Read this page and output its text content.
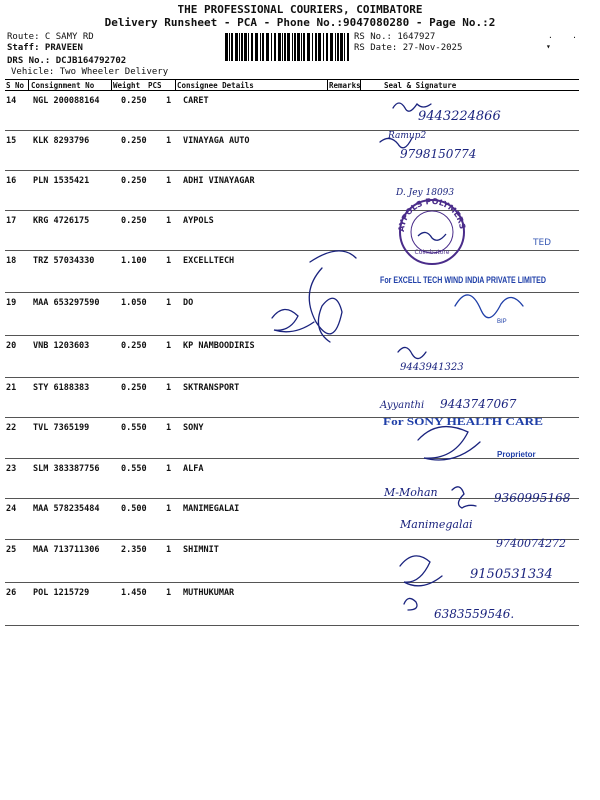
THE PROFESSIONAL COURIERS, COIMBATORE
Delivery Runsheet - PCA - Phone No.:9047080280 - Page No.:2
Route: C SAMY RD
Staff: PRAVEEN
DRS No.: DCJB164792702
Vehicle: Two Wheeler Delivery
RS No.: 1647927
RS Date: 27-Nov-2025
·    ·
▾
S No Consignment No	Weight PCS Consignee Details	Remarks	Seal & Signature
14 NGL 200088164	0.250 1 CARET
15 KLK 8293796	0.250 1 VINAYAGA AUTO
16 PLN 1535421	0.250 1 ADHI VINAYAGAR
17 KRG 4726175	0.250 1 AYPOLS
18 TRZ 57034330	1.100 1 EXCELLTECH
19 MAA 653297590	1.050 1 DO
20 VNB 1203603	0.250 1 KP NAMBOODIRIS
21 STY 6188383	0.250 1 SKTRANSPORT
22 TVL 7365199	0.550 1 SONY
23 SLM 383387756	0.550 1 ALFA
24 MAA 578235484	0.500 1 MANIMEGALAI
25 MAA 713711306	2.350 1 SHIMNIT
26 POL 1215729	1.450 1 MUTHUKUMAR
AYPOLS POLYMERS
Coimbatore
TED
For EXCELL TECH WIND INDIA PRIVATE LIMITED
BIP
For SONY HEALTH CARE
Proprietor
9443224866
Ramup2
9798150774
D. Jey 18093
9443941323
Ayyanthi 9443747067
M-Mohan	9360995168
Manimegalai
9740074272
9150531334
6383559546.
